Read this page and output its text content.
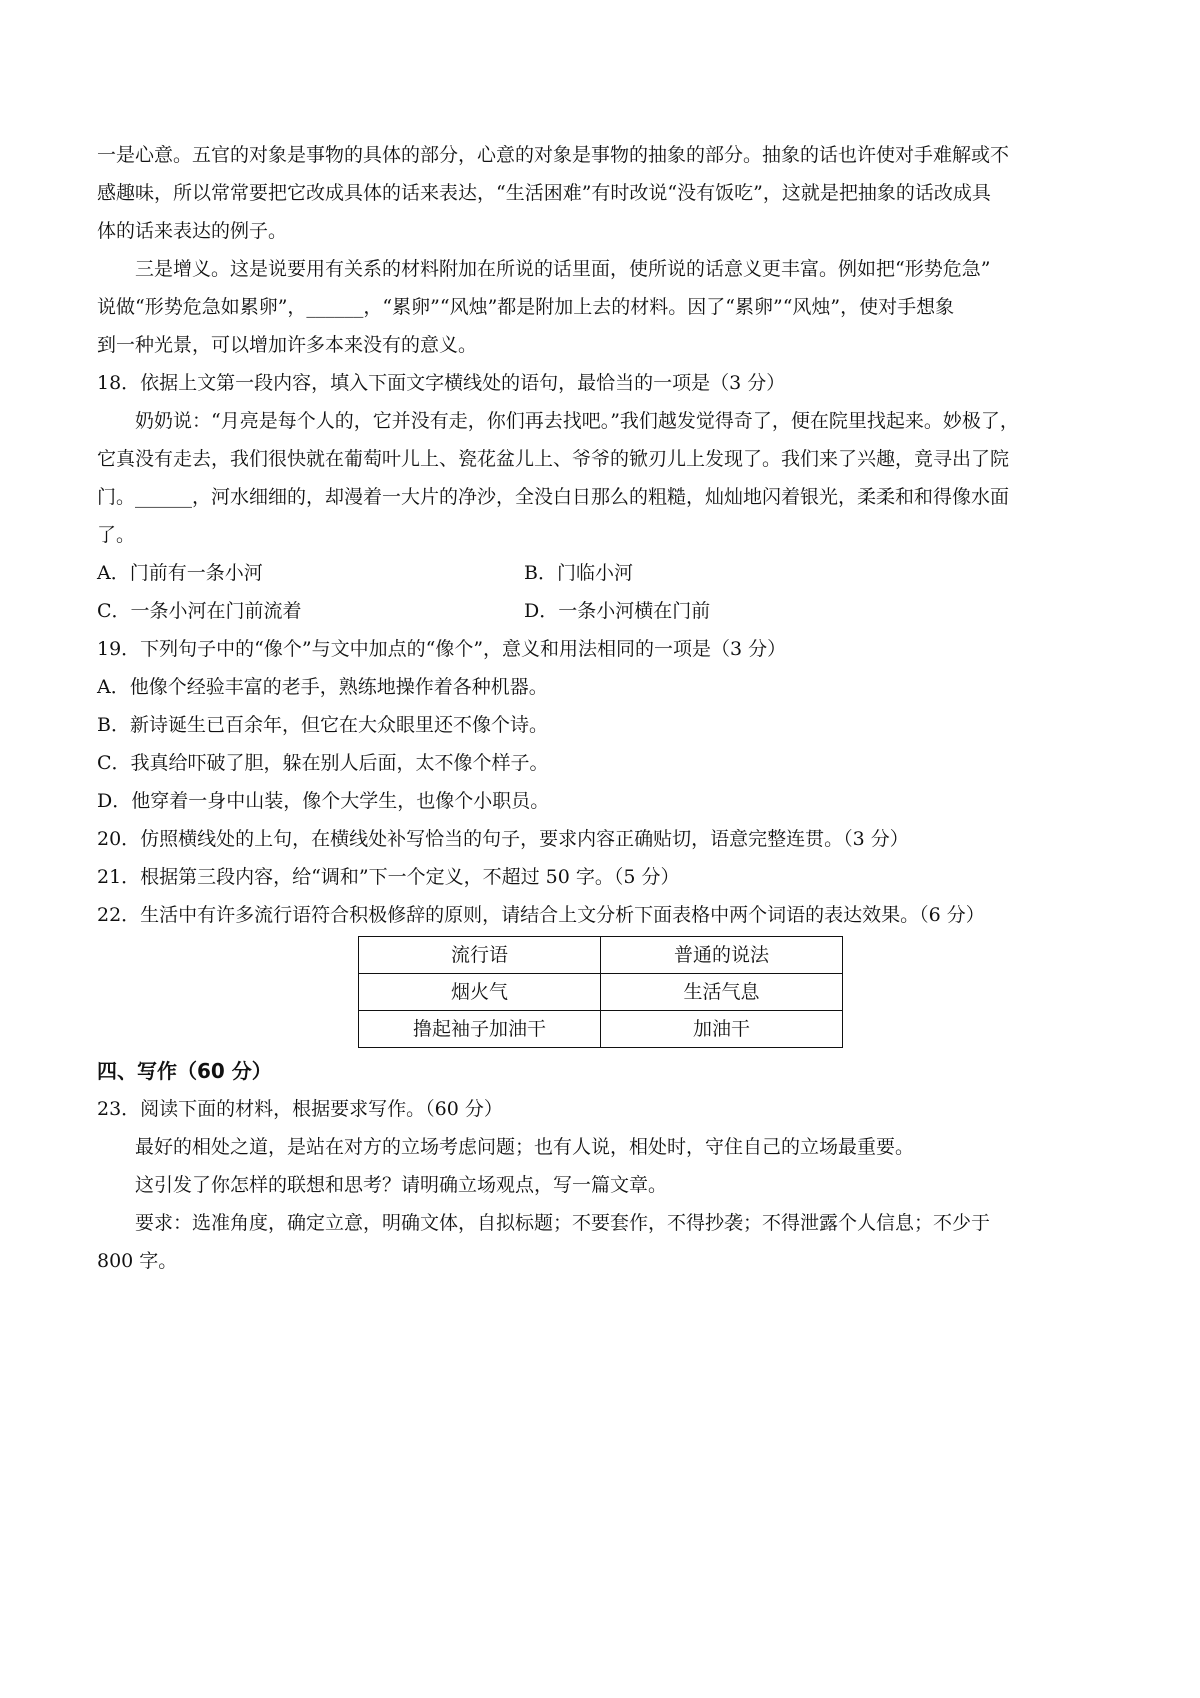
一是心意。五官的对象是事物的具体的部分，心意的对象是事物的抽象的部分。抽象的话也许使对手难解或不
感趣味，所以常常要把它改成具体的话来表达，“生活困难”有时改说“没有饭吃”，这就是把抽象的话改成具
体的话来表达的例子。
三是增义。这是说要用有关系的材料附加在所说的话里面，使所说的话意义更丰富。例如把“形势危急”
说做“形势危急如累卵”，______，“累卵”“风烛”都是附加上去的材料。因了“累卵”“风烛”，使对手想象
到一种光景，可以增加许多本来没有的意义。
18．依据上文第一段内容，填入下面文字横线处的语句，最恰当的一项是（3 分）
奶奶说：“月亮是每个人的，它并没有走，你们再去找吧。”我们越发觉得奇了，便在院里找起来。妙极了，
它真没有走去，我们很快就在葡萄叶儿上、瓷花盆儿上、爷爷的锨刃儿上发现了。我们来了兴趣，竟寻出了院
门。______，河水细细的，却漫着一大片的净沙，全没白日那么的粗糙，灿灿地闪着银光，柔柔和和得像水面
了。
A．门前有一条小河	B．门临小河
C．一条小河在门前流着	D．一条小河横在门前
19．下列句子中的“像个”与文中加点的“像个”，意义和用法相同的一项是（3 分）
A．他像个经验丰富的老手，熟练地操作着各种机器。
B．新诗诞生已百余年，但它在大众眼里还不像个诗。
C．我真给吓破了胆，躲在别人后面，太不像个样子。
D．他穿着一身中山装，像个大学生，也像个小职员。
20．仿照横线处的上句，在横线处补写恰当的句子，要求内容正确贴切，语意完整连贯。（3 分）
21．根据第三段内容，给“调和”下一个定义，不超过 50 字。（5 分）
22．生活中有许多流行语符合积极修辞的原则，请结合上文分析下面表格中两个词语的表达效果。（6 分）
流行语	普通的说法
烟火气	生活气息
撸起袖子加油干	加油干
四、写作（60 分）
23．阅读下面的材料，根据要求写作。（60 分）
最好的相处之道，是站在对方的立场考虑问题；也有人说，相处时，守住自己的立场最重要。
这引发了你怎样的联想和思考？请明确立场观点，写一篇文章。
要求：选准角度，确定立意，明确文体，自拟标题；不要套作，不得抄袭；不得泄露个人信息；不少于
800 字。
